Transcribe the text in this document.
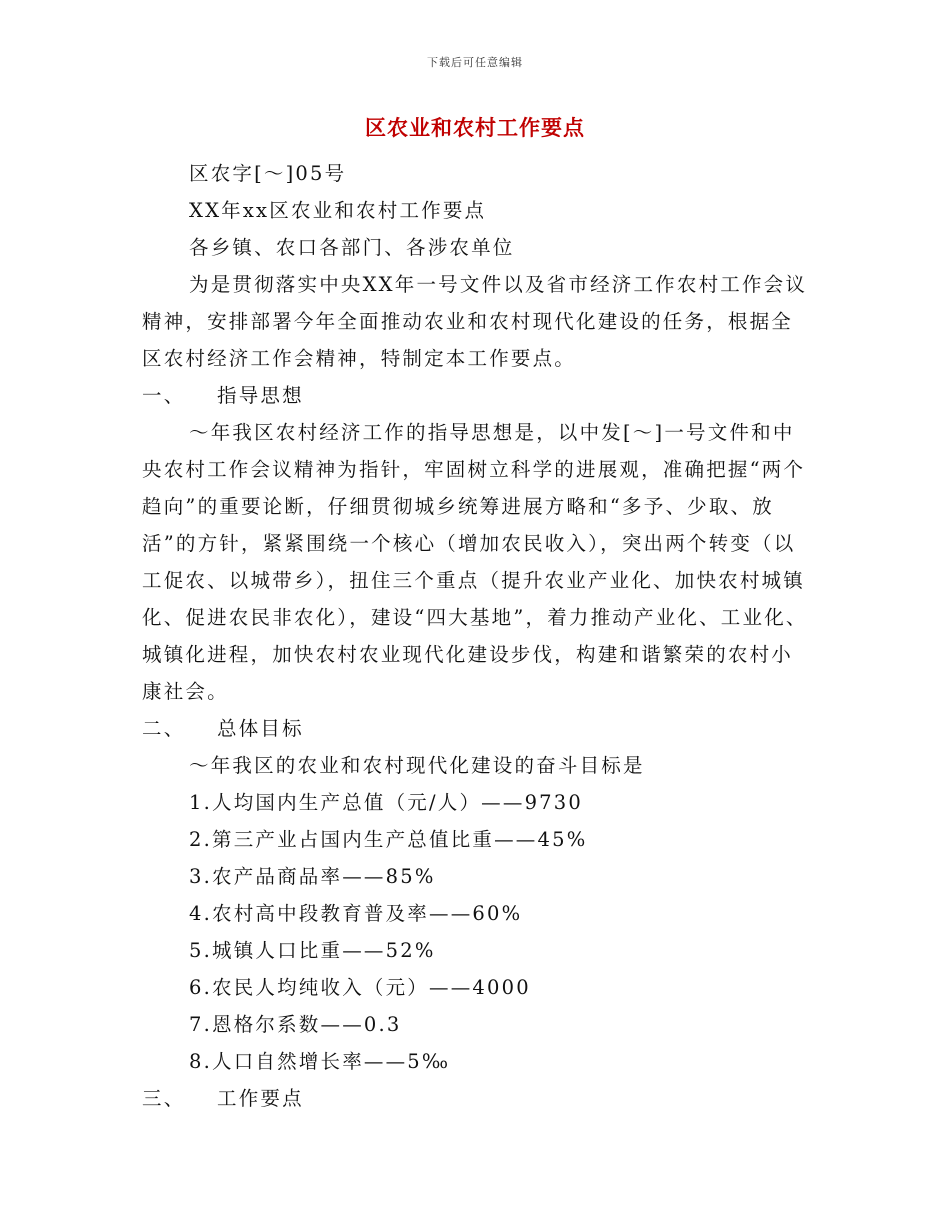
下载后可任意编辑
区农业和农村工作要点

区农字[～]05号

XX年xx区农业和农村工作要点

各乡镇、农口各部门、各涉农单位

为是贯彻落实中央XX年一号文件以及省市经济工作农村工作会议精神，安排部署今年全面推动农业和农村现代化建设的任务，根据全区农村经济工作会精神，特制定本工作要点。

一、 指导思想

～年我区农村经济工作的指导思想是，以中发[～]一号文件和中央农村工作会议精神为指针，牢固树立科学的进展观，准确把握“两个趋向”的重要论断，仔细贯彻城乡统筹进展方略和“多予、少取、放活”的方针，紧紧围绕一个核心（增加农民收入），突出两个转变（以工促农、以城带乡），扭住三个重点（提升农业产业化、加快农村城镇化、促进农民非农化），建设“四大基地”，着力推动产业化、工业化、城镇化进程，加快农村农业现代化建设步伐，构建和谐繁荣的农村小康社会。

二、 总体目标

～年我区的农业和农村现代化建设的奋斗目标是

1.人均国内生产总值（元/人）——9730

2.第三产业占国内生产总值比重——45%

3.农产品商品率——85%

4.农村高中段教育普及率——60%

5.城镇人口比重——52%

6.农民人均纯收入（元）——4000

7.恩格尔系数——0.3

8.人口自然增长率——5‰

三、 工作要点
